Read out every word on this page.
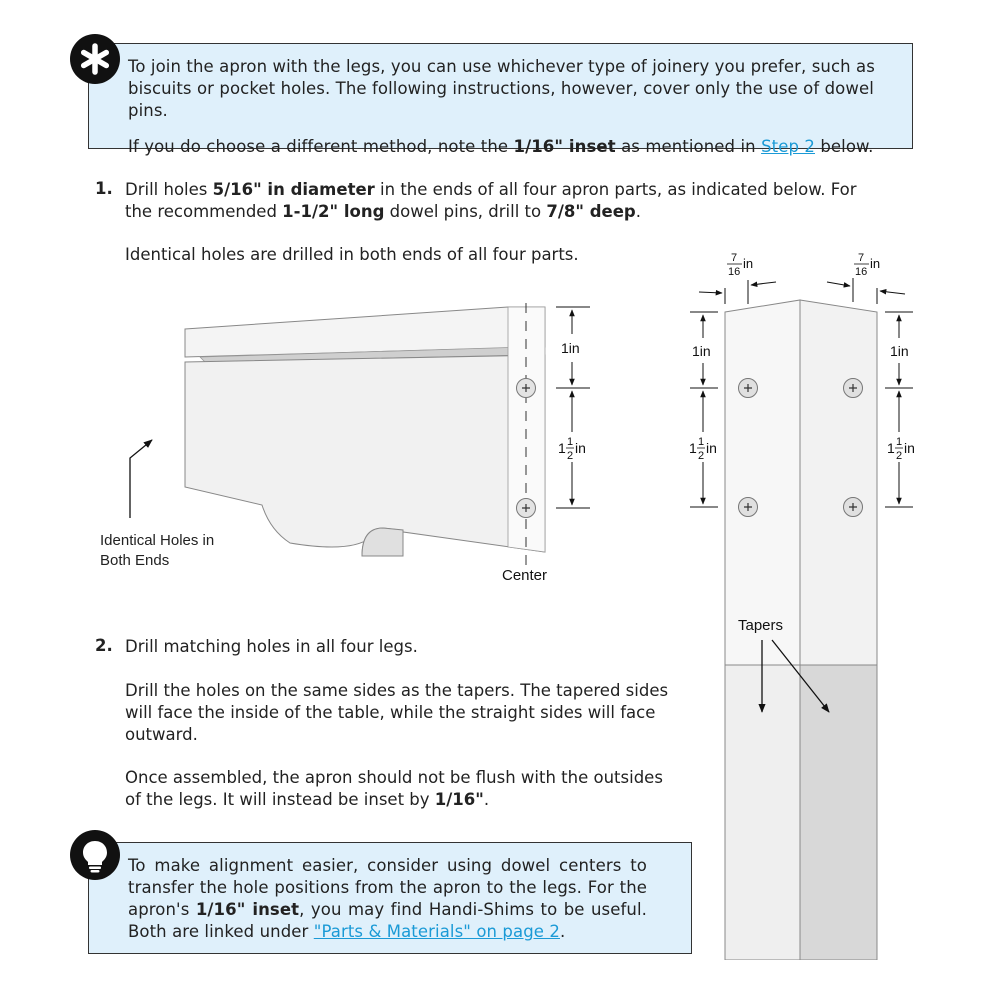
To join the apron with the legs, you can use whichever type of joinery you prefer, such as biscuits or pocket holes. The following instructions, however, cover only the use of dowel pins.

If you do choose a different method, note the 1/16" inset as mentioned in Step 2 below.

1. Drill holes 5/16" in diameter in the ends of all four apron parts, as indicated below. For the recommended 1-1/2" long dowel pins, drill to 7/8" deep.
Identical holes are drilled in both ends of all four parts.
1in
1 1
2 in
Center
Identical Holes in
Both Ends
7
16
in	7
16
in
1in	1in
1 1
2 in	1 1
2 in
Tapers
2. Drill matching holes in all four legs.
Drill the holes on the same sides as the tapers. The tapered sides will face the inside of the table, while the straight sides will face outward.
Once assembled, the apron should not be flush with the outsides of the legs. It will instead be inset by 1/16".

To make alignment easier, consider using dowel centers to transfer the hole positions from the apron to the legs. For the apron's 1/16" inset, you may find Handi-Shims to be useful. Both are linked under "Parts & Materials" on page 2.
